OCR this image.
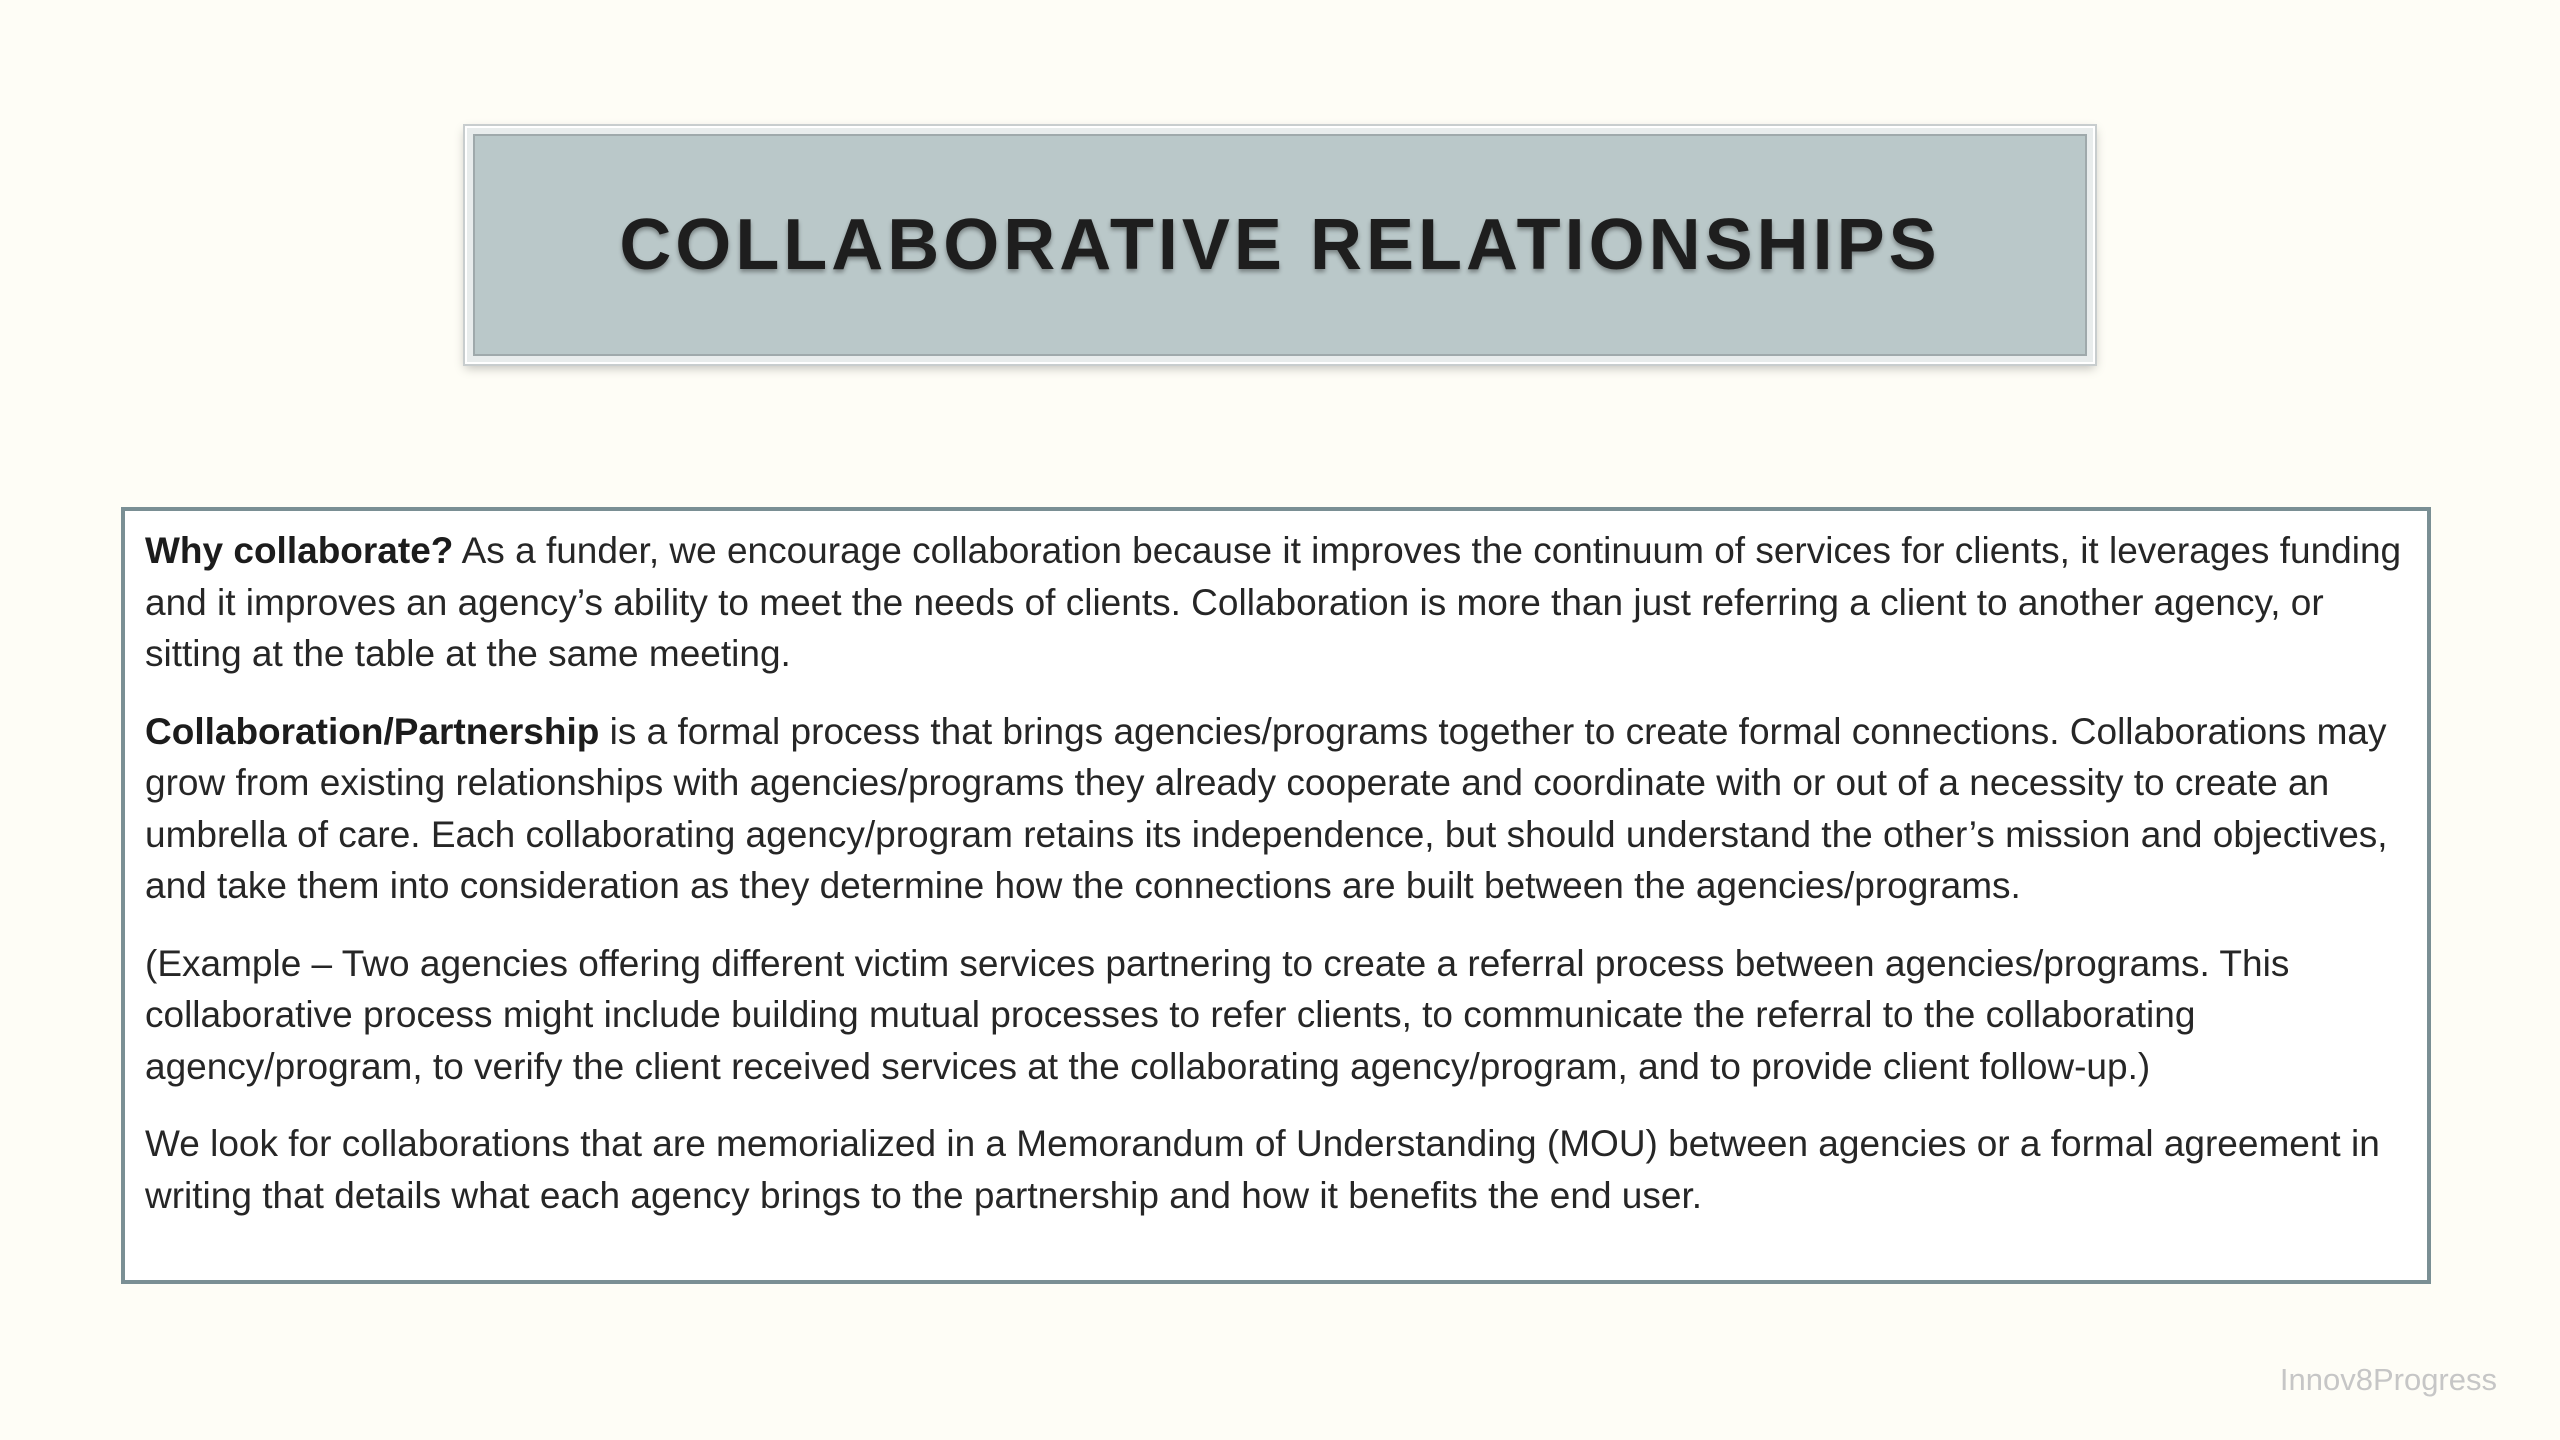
COLLABORATIVE RELATIONSHIPS

Why collaborate? As a funder, we encourage collaboration because it improves the continuum of services for clients, it leverages funding and it improves an agency’s ability to meet the needs of clients. Collaboration is more than just referring a client to another agency, or sitting at the table at the same meeting.

Collaboration/Partnership is a formal process that brings agencies/programs together to create formal connections. Collaborations may grow from existing relationships with agencies/programs they already cooperate and coordinate with or out of a necessity to create an umbrella of care. Each collaborating agency/program retains its independence, but should understand the other’s mission and objectives, and take them into consideration as they determine how the connections are built between the agencies/programs.

(Example – Two agencies offering different victim services partnering to create a referral process between agencies/programs. This collaborative process might include building mutual processes to refer clients, to communicate the referral to the collaborating agency/program, to verify the client received services at the collaborating agency/program, and to provide client follow-up.)

We look for collaborations that are memorialized in a Memorandum of Understanding (MOU) between agencies or a formal agreement in writing that details what each agency brings to the partnership and how it benefits the end user.

Innov8Progress
